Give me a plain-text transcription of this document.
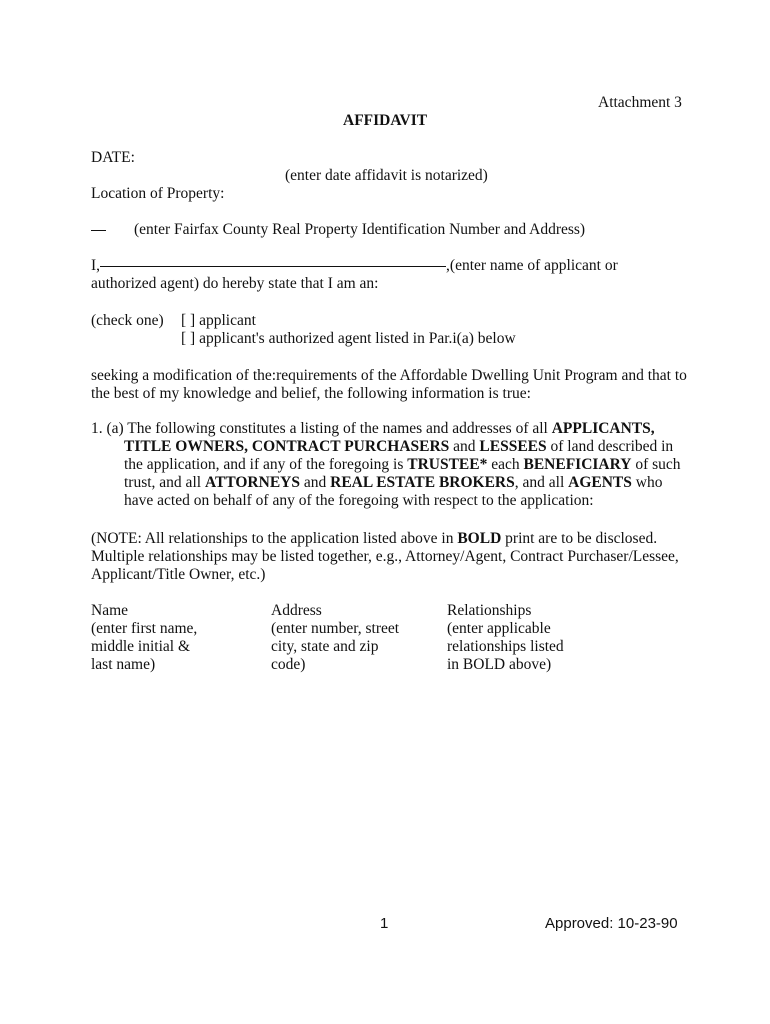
Attachment 3
AFFIDAVIT
DATE:
(enter date affidavit is notarized)
Location of Property:
(enter Fairfax County Real Property Identification Number and Address)
I,	,(enter name of applicant or
authorized agent) do hereby state that I am an:
(check one) [ ] applicant
[ ] applicant's authorized agent listed in Par.i(a) below
seeking a modification of the:requirements of the Affordable Dwelling Unit Program and that to
the best of my knowledge and belief, the following information is true:
1. (a) The following constitutes a listing of the names and addresses of all APPLICANTS,
TITLE OWNERS, CONTRACT PURCHASERS and LESSEES of land described in
the application, and if any of the foregoing is TRUSTEE* each BENEFICIARY of such
trust, and all ATTORNEYS and REAL ESTATE BROKERS, and all AGENTS who
have acted on behalf of any of the foregoing with respect to the application:
(NOTE: All relationships to the application listed above in BOLD print are to be disclosed.
Multiple relationships may be listed together, e.g., Attorney/Agent, Contract Purchaser/Lessee,
Applicant/Title Owner, etc.)
Name
(enter first name,
middle initial &
last name)
Address
(enter number, street
city, state and zip
code)
Relationships
(enter applicable
relationships listed
in BOLD above)
1	Approved: 10-23-90
